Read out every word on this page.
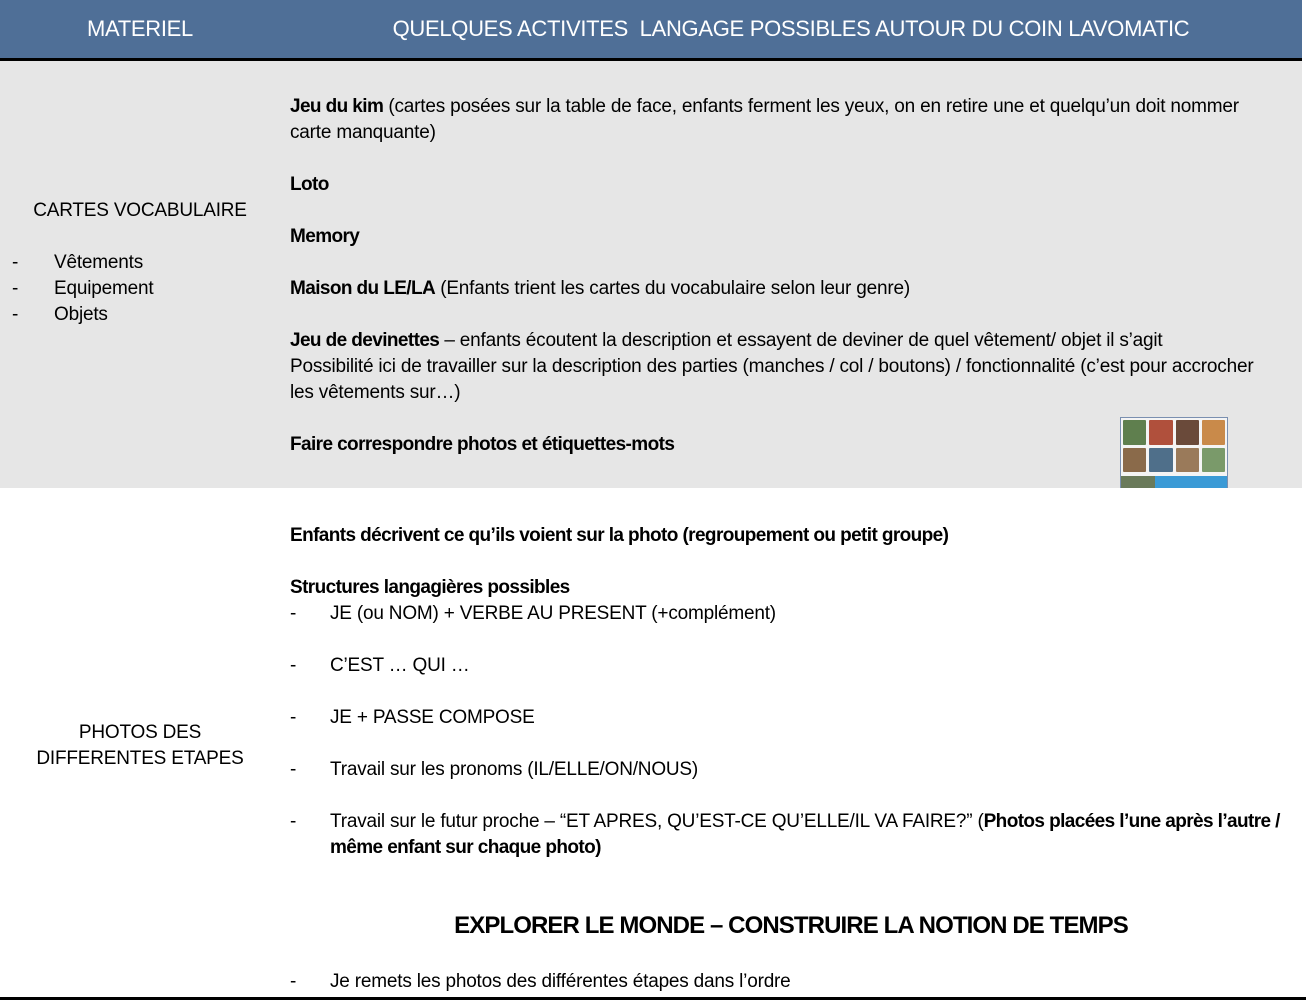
MATERIEL	QUELQUES ACTIVITES  LANGAGE POSSIBLES AUTOUR DU COIN LAVOMATIC
CARTES VOCABULAIRE
- Vêtements
- Equipement
- Objets
Jeu du kim (cartes posées sur la table de face, enfants ferment les yeux, on en retire une et quelqu’un doit nommer carte manquante)
Loto
Memory
Maison du LE/LA (Enfants trient les cartes du vocabulaire selon leur genre)
Jeu de devinettes – enfants écoutent la description et essayent de deviner de quel vêtement/ objet il s’agit
Possibilité ici de travailler sur la description des parties (manches / col / boutons) / fonctionnalité (c’est pour accrocher les vêtements sur…)
Faire correspondre photos et étiquettes-mots
PHOTOS DES DIFFERENTES ETAPES
Enfants décrivent ce qu’ils voient sur la photo (regroupement ou petit groupe)
Structures langagières possibles
- JE (ou NOM) + VERBE AU PRESENT (+complément)
- C’EST … QUI …
- JE + PASSE COMPOSE
- Travail sur les pronoms (IL/ELLE/ON/NOUS)
- Travail sur le futur proche – “ET APRES, QU’EST-CE QU’ELLE/IL VA FAIRE?” (Photos placées l’une après l’autre / même enfant sur chaque photo)
EXPLORER LE MONDE – CONSTRUIRE LA NOTION DE TEMPS
- Je remets les photos des différentes étapes dans l’ordre
